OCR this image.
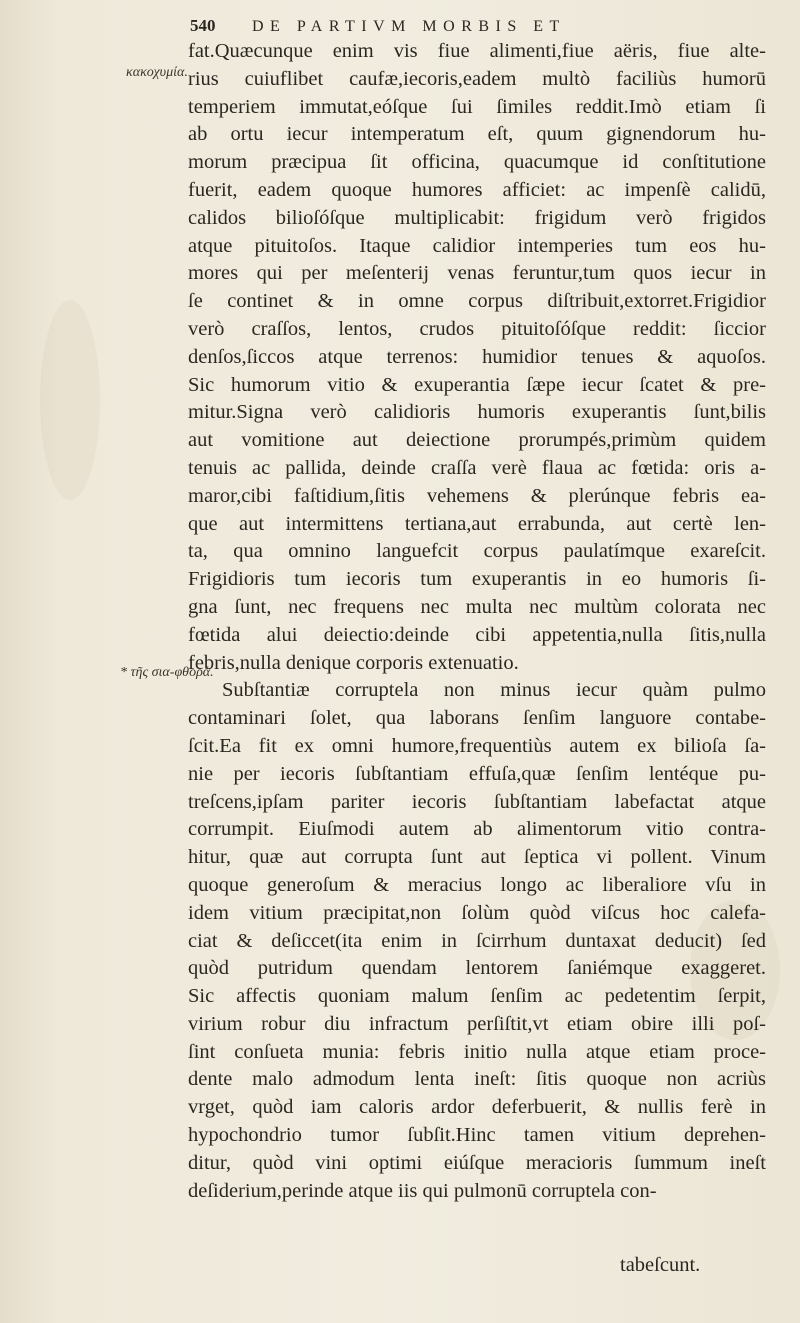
540 DE PARTIVM MORBIS ET
κακοχυμία.
* τῆς σια-φθορά.
fat.Quæcunque enim vis fiue alimenti,fiue aëris, fiue alte-
rius cuiuflibet caufæ,iecoris,eadem multò faciliùs humorū
temperiem immutat,eóſque ſui ſimiles reddit.Imò etiam ſi
ab ortu iecur intemperatum eſt, quum gignendorum hu-
morum præcipua ſit officina, quacumque id conſtitutione
fuerit, eadem quoque humores afficiet: ac impenſè calidū,
calidos bilioſóſque multiplicabit: frigidum verò frigidos
atque pituitoſos. Itaque calidior intemperies tum eos hu-
mores qui per meſenterij venas feruntur,tum quos iecur in
ſe continet & in omne corpus diſtribuit,extorret.Frigidior
verò craſſos, lentos, crudos pituitoſóſque reddit: ſiccior
denſos,ſiccos atque terrenos: humidior tenues & aquoſos.
Sic humorum vitio & exuperantia ſæpe iecur ſcatet & pre-
mitur.Signa verò calidioris humoris exuperantis ſunt,bilis
aut vomitione aut deiectione prorumpés,primùm quidem
tenuis ac pallida, deinde craſſa verè flaua ac fœtida: oris a-
maror,cibi faſtidium,ſitis vehemens & plerúnque febris ea-
que aut intermittens tertiana,aut errabunda, aut certè len-
ta, qua omnino languefcit corpus paulatímque exareſcit.
Frigidioris tum iecoris tum exuperantis in eo humoris ſi-
gna ſunt, nec frequens nec multa nec multùm colorata nec
fœtida alui deiectio:deinde cibi appetentia,nulla ſitis,nulla
febris,nulla denique corporis extenuatio.
Subſtantiæ corruptela non minus iecur quàm pulmo
contaminari ſolet, qua laborans ſenſim languore contabe-
ſcit.Ea fit ex omni humore,frequentiùs autem ex bilioſa ſa-
nie per iecoris ſubſtantiam effuſa,quæ ſenſim lentéque pu-
treſcens,ipſam pariter iecoris ſubſtantiam labefactat atque
corrumpit. Eiuſmodi autem ab alimentorum vitio contra-
hitur, quæ aut corrupta ſunt aut ſeptica vi pollent. Vinum
quoque generoſum & meracius longo ac liberaliore vſu in
idem vitium præcipitat,non ſolùm quòd viſcus hoc calefa-
ciat & deſiccet(ita enim in ſcirrhum duntaxat deducit) ſed
quòd putridum quendam lentorem ſaniémque exaggeret.
Sic affectis quoniam malum ſenſim ac pedetentim ſerpit,
virium robur diu infractum perſiſtit,vt etiam obire illi poſ-
ſint conſueta munia: febris initio nulla atque etiam proce-
dente malo admodum lenta ineſt: ſitis quoque non acriùs
vrget, quòd iam caloris ardor deferbuerit, & nullis ferè in
hypochondrio tumor ſubſit.Hinc tamen vitium deprehen-
ditur, quòd vini optimi eiúſque meracioris ſummum ineſt
deſiderium,perinde atque iis qui pulmonū corruptela con-
tabeſcunt.
